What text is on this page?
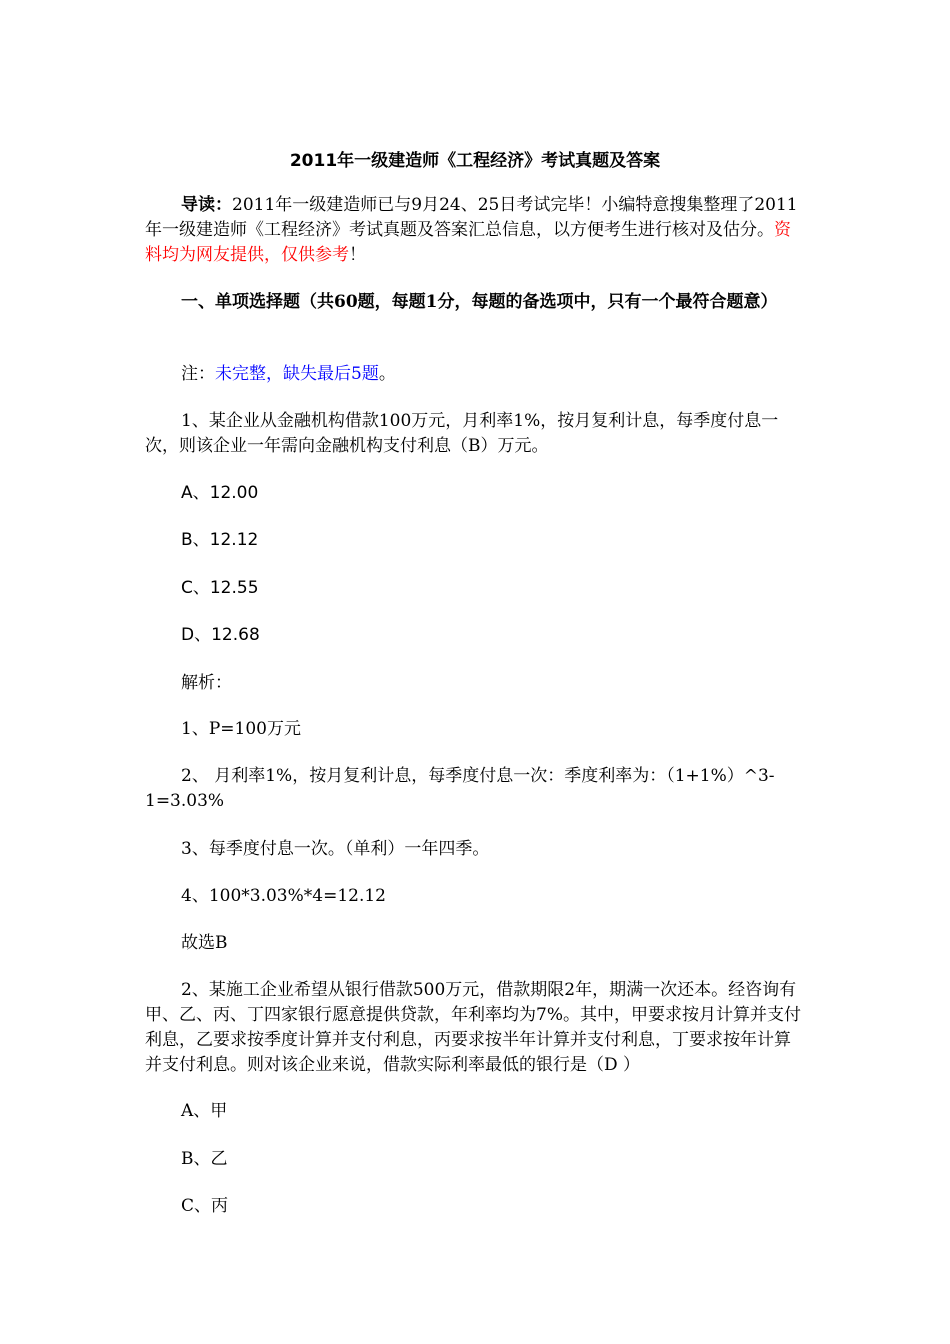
2011年一级建造师《工程经济》考试真题及答案
导读：2011年一级建造师已与9月24、25日考试完毕！小编特意搜集整理了2011年一级建造师《工程经济》考试真题及答案汇总信息，以方便考生进行核对及估分。资料均为网友提供，仅供参考！
一、单项选择题（共60题，每题1分，每题的备选项中，只有一个最符合题意）
注：未完整，缺失最后5题。
1、某企业从金融机构借款100万元，月利率1%，按月复利计息，每季度付息一次，则该企业一年需向金融机构支付利息（B）万元。
A、12.00
B、12.12
C、12.55
D、12.68
解析：
1、P=100万元
2、 月利率1%，按月复利计息，每季度付息一次：季度利率为：（1+1%）^3-1=3.03%
3、每季度付息一次。（单利）一年四季。
4、100*3.03%*4=12.12
故选B
2、某施工企业希望从银行借款500万元，借款期限2年，期满一次还本。经咨询有甲、乙、丙、丁四家银行愿意提供贷款，年利率均为7%。其中，甲要求按月计算并支付利息，乙要求按季度计算并支付利息，丙要求按半年计算并支付利息，丁要求按年计算并支付利息。则对该企业来说，借款实际利率最低的银行是（D ）
A、甲
B、乙
C、丙
